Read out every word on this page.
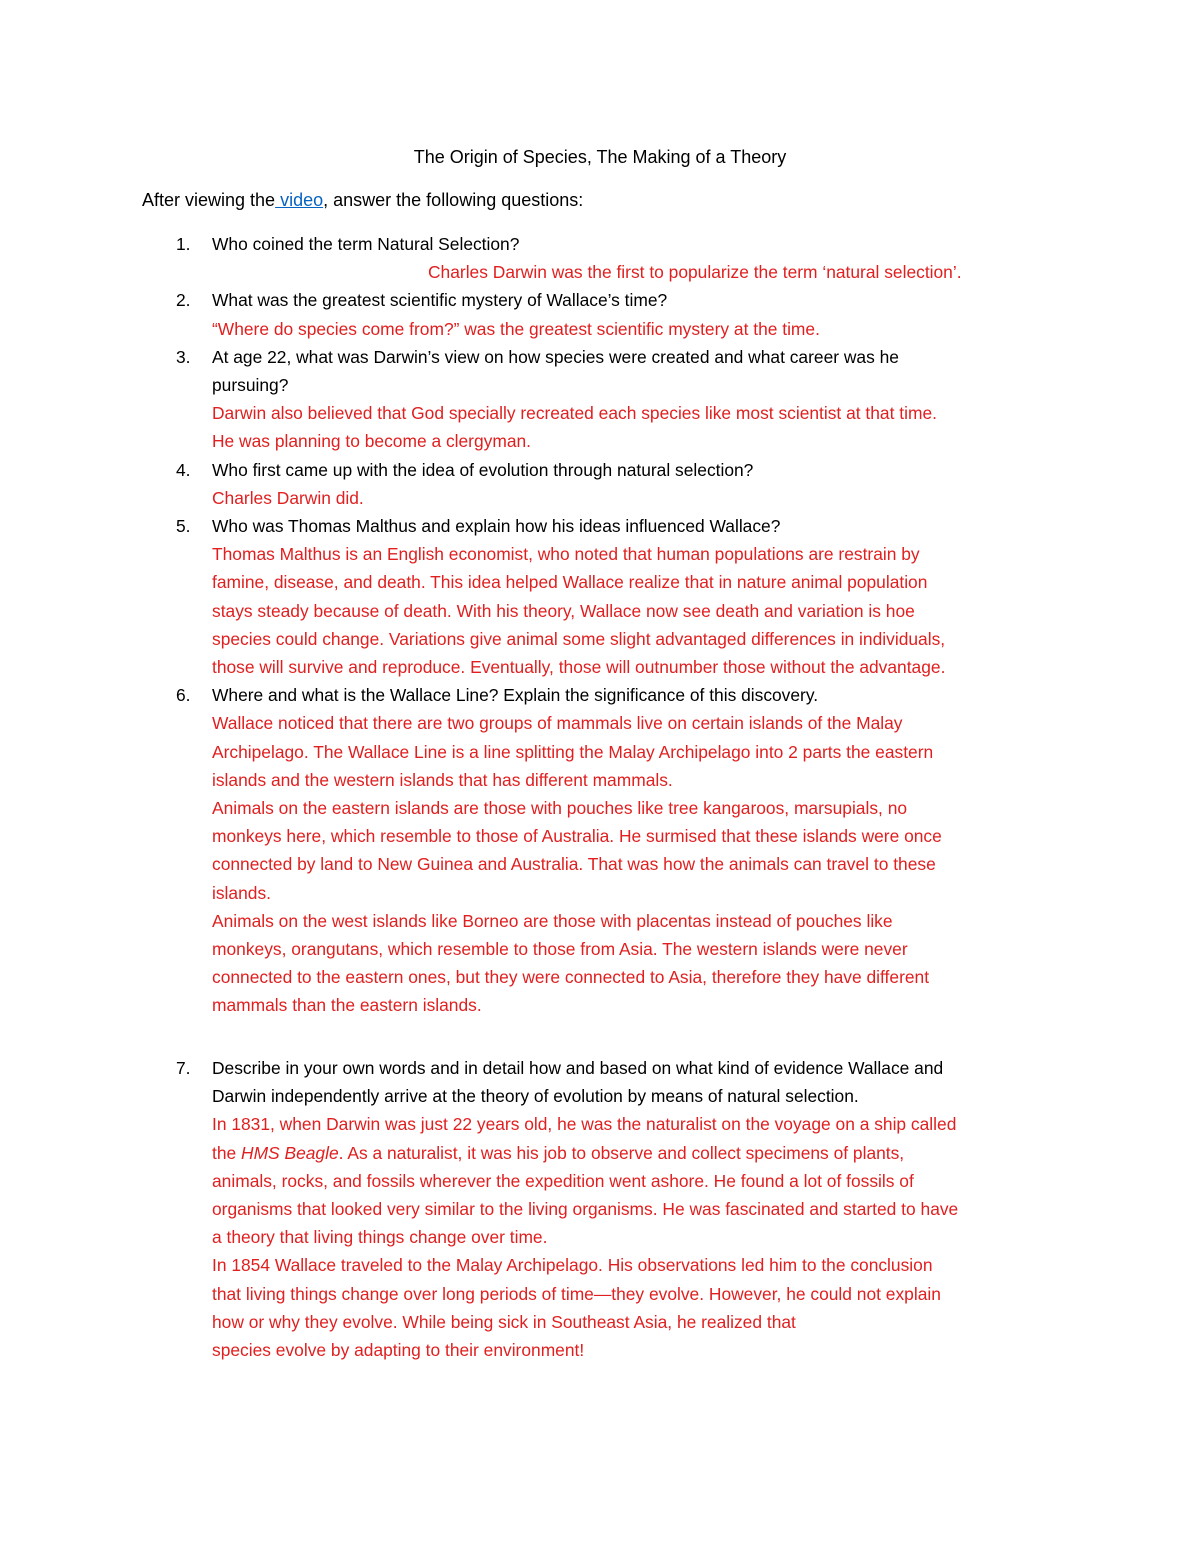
The Origin of Species, The Making of a Theory
After viewing the video, answer the following questions:
1. Who coined the term Natural Selection?
Charles Darwin was the first to popularize the term ‘natural selection’.
2. What was the greatest scientific mystery of Wallace’s time?
“Where do species come from?” was the greatest scientific mystery at the time.
3. At age 22, what was Darwin’s view on how species were created and what career was he
pursuing?
Darwin also believed that God specially recreated each species like most scientist at that time.
He was planning to become a clergyman.
4. Who first came up with the idea of evolution through natural selection?
Charles Darwin did.
5. Who was Thomas Malthus and explain how his ideas influenced Wallace?
Thomas Malthus is an English economist, who noted that human populations are restrain by
famine, disease, and death. This idea helped Wallace realize that in nature animal population
stays steady because of death. With his theory, Wallace now see death and variation is hoe
species could change. Variations give animal some slight advantaged differences in individuals,
those will survive and reproduce. Eventually, those will outnumber those without the advantage.
6. Where and what is the Wallace Line? Explain the significance of this discovery.
Wallace noticed that there are two groups of mammals live on certain islands of the Malay
Archipelago. The Wallace Line is a line splitting the Malay Archipelago into 2 parts the eastern
islands and the western islands that has different mammals.
Animals on the eastern islands are those with pouches like tree kangaroos, marsupials, no
monkeys here, which resemble to those of Australia. He surmised that these islands were once
connected by land to New Guinea and Australia. That was how the animals can travel to these
islands.
Animals on the west islands like Borneo are those with placentas instead of pouches like
monkeys, orangutans, which resemble to those from Asia. The western islands were never
connected to the eastern ones, but they were connected to Asia, therefore they have different
mammals than the eastern islands.
7. Describe in your own words and in detail how and based on what kind of evidence Wallace and
Darwin independently arrive at the theory of evolution by means of natural selection.
In 1831, when Darwin was just 22 years old, he was the naturalist on the voyage on a ship called
the HMS Beagle. As a naturalist, it was his job to observe and collect specimens of plants,
animals, rocks, and fossils wherever the expedition went ashore. He found a lot of fossils of
organisms that looked very similar to the living organisms. He was fascinated and started to have
a theory that living things change over time.
In 1854 Wallace traveled to the Malay Archipelago. His observations led him to the conclusion
that living things change over long periods of time—they evolve. However, he could not explain
how or why they evolve. While being sick in Southeast Asia, he realized that
species evolve by adapting to their environment!
